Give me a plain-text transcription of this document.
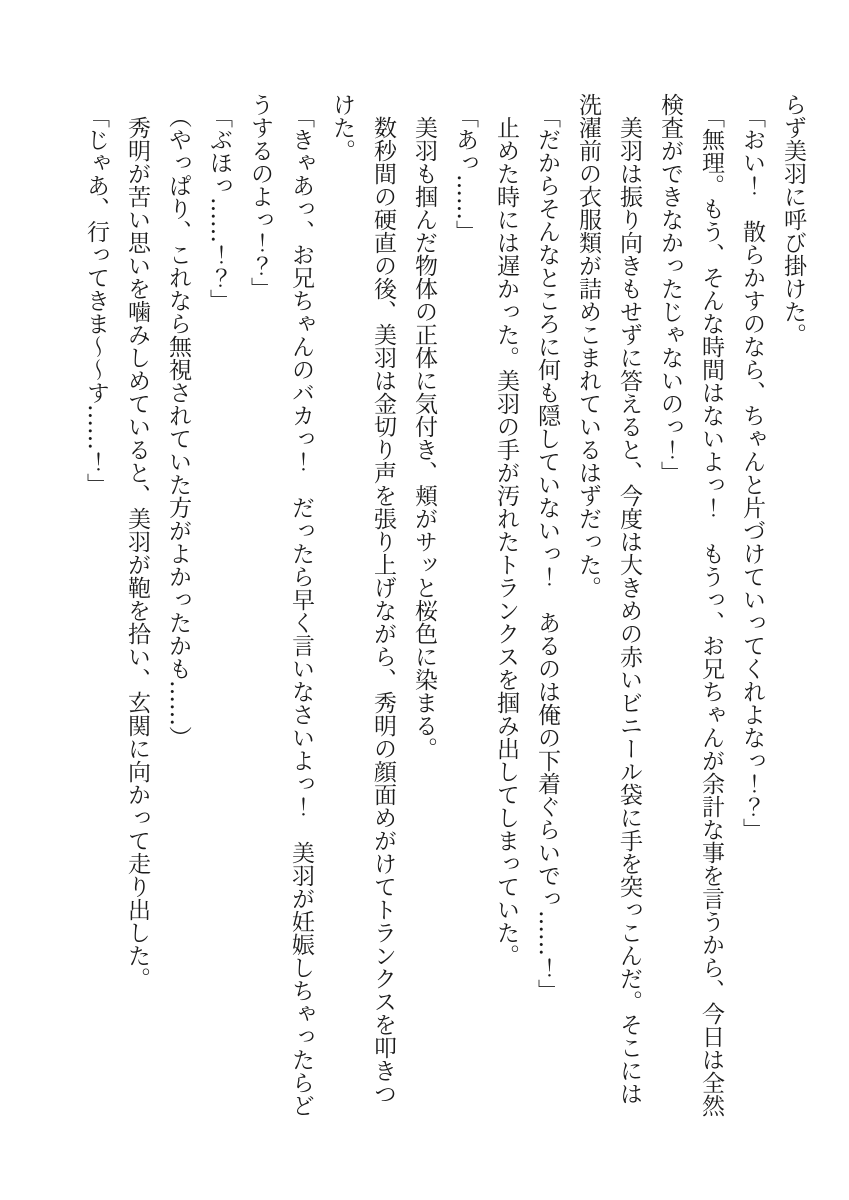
らず美羽に呼び掛けた。
「おい！　散らかすのなら、ちゃんと片づけていってくれよなっ！？」
「無理。もう、そんな時間はないよっ！　もうっ、お兄ちゃんが余計な事を言うから、今日は全然
検査ができなかったじゃないのっ！」
美羽は振り向きもせずに答えると、今度は大きめの赤いビニール袋に手を突っこんだ。そこには
洗濯前の衣服類が詰めこまれているはずだった。
「だからそんなところに何も隠していないっ！　あるのは俺の下着ぐらいでっ……！」
止めた時には遅かった。美羽の手が汚れたトランクスを掴み出してしまっていた。
「あっ……」
美羽も掴んだ物体の正体に気付き、頬がサッと桜色に染まる。
数秒間の硬直の後、美羽は金切り声を張り上げながら、秀明の顔面めがけてトランクスを叩きつ
けた。
「きゃあっ、お兄ちゃんのバカっ！　だったら早く言いなさいよっ！　美羽が妊娠しちゃったらど
うするのよっ！？」
「ぶほっ……！？」
（やっぱり、これなら無視されていた方がよかったかも……）
秀明が苦い思いを噛みしめていると、美羽が鞄を拾い、玄関に向かって走り出した。
「じゃあ、行ってきま～～す……！」
